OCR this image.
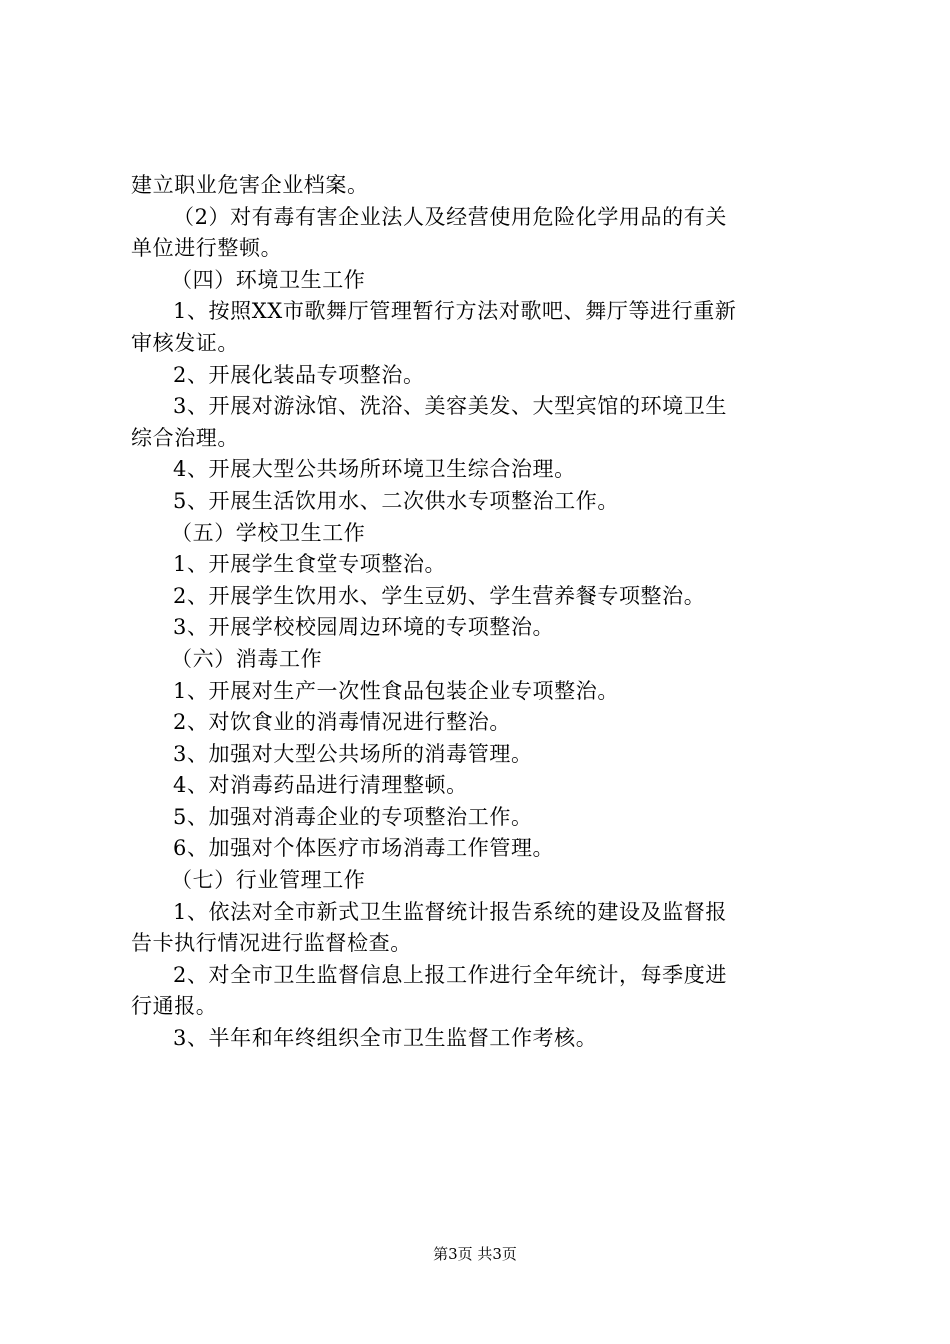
建立职业危害企业档案。
（2）对有毒有害企业法人及经营使用危险化学用品的有关
单位进行整顿。
（四）环境卫生工作
1、按照XX市歌舞厅管理暂行方法对歌吧、舞厅等进行重新
审核发证。
2、开展化装品专项整治。
3、开展对游泳馆、洗浴、美容美发、大型宾馆的环境卫生
综合治理。
4、开展大型公共场所环境卫生综合治理。
5、开展生活饮用水、二次供水专项整治工作。
（五）学校卫生工作
1、开展学生食堂专项整治。
2、开展学生饮用水、学生豆奶、学生营养餐专项整治。
3、开展学校校园周边环境的专项整治。
（六）消毒工作
1、开展对生产一次性食品包装企业专项整治。
2、对饮食业的消毒情况进行整治。
3、加强对大型公共场所的消毒管理。
4、对消毒药品进行清理整顿。
5、加强对消毒企业的专项整治工作。
6、加强对个体医疗市场消毒工作管理。
（七）行业管理工作
1、依法对全市新式卫生监督统计报告系统的建设及监督报
告卡执行情况进行监督检查。
2、对全市卫生监督信息上报工作进行全年统计，每季度进
行通报。
3、半年和年终组织全市卫生监督工作考核。
第3页 共3页
